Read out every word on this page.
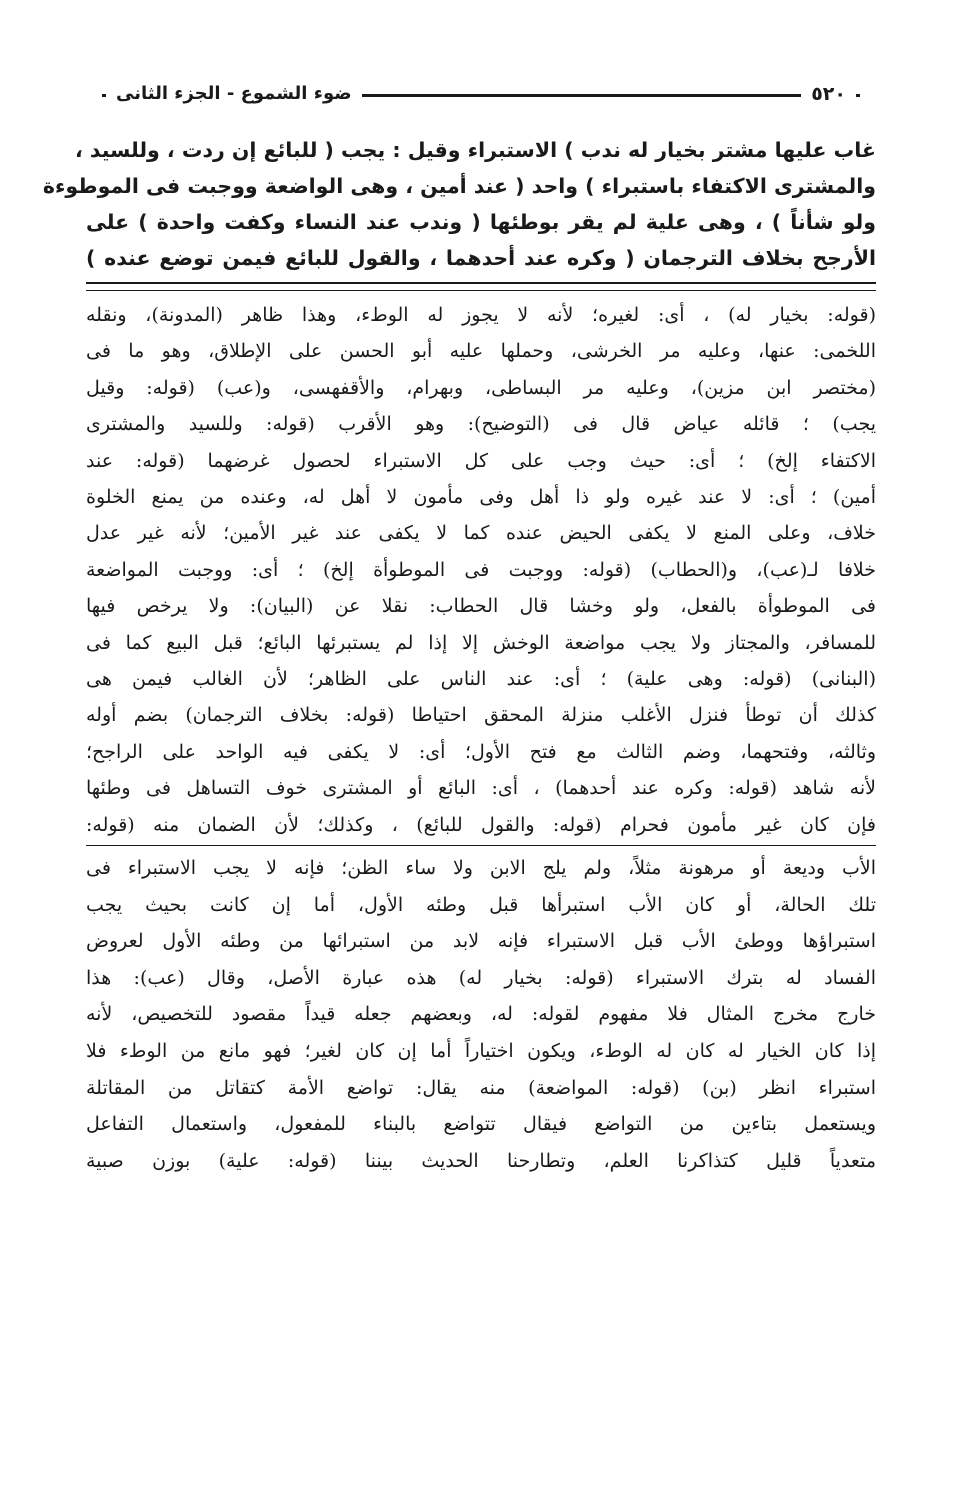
٥٢٠
ضوء الشموع - الجزء الثانى

غاب عليها مشتر بخيار له ندب ) الاستبراء وقيل : يجب ( للبائع إن ردت ، وللسيد ،

والمشترى الاكتفاء باستبراء ) واحد ( عند أمين ، وهى الواضعة ووجبت فى الموطوءة

ولو شأناً ) ، وهى علية لم يقر بوطئها ( وندب عند النساء وكفت واحدة ) على

الأرجح بخلاف الترجمان ( وكره عند أحدهما ، والقول للبائع فيمن توضع عنده )

(قوله: بخيار له) ، أى: لغيره؛ لأنه لا يجوز له الوطء، وهذا ظاهر (المدونة)، ونقله

اللخمى: عنها، وعليه مر الخرشى، وحملها عليه أبو الحسن على الإطلاق، وهو ما فى

(مختصر ابن مزين)، وعليه مر البساطى، وبهرام، والأقفهسى، و(عب) (قوله: وقيل

يجب) ؛ قائله عياض قال فى (التوضيح): وهو الأقرب (قوله: وللسيد والمشترى

الاكتفاء إلخ) ؛ أى: حيث وجب على كل الاستبراء لحصول غرضهما (قوله: عند

أمين) ؛ أى: لا عند غيره ولو ذا أهل وفى مأمون لا أهل له، وعنده من يمنع الخلوة

خلاف، وعلى المنع لا يكفى الحيض عنده كما لا يكفى عند غير الأمين؛ لأنه غير عدل

خلافا لـ(عب)، و(الحطاب) (قوله: ووجبت فى الموطوأة إلخ) ؛ أى: ووجبت المواضعة

فى الموطوأة بالفعل، ولو وخشا قال الحطاب: نقلا عن (البيان): ولا يرخص فيها

للمسافر، والمجتاز ولا يجب مواضعة الوخش إلا إذا لم يستبرئها البائع؛ قبل البيع كما فى

(البنانى) (قوله: وهى علية) ؛ أى: عند الناس على الظاهر؛ لأن الغالب فيمن هى

كذلك أن توطأ فنزل الأغلب منزلة المحقق احتياطا (قوله: بخلاف الترجمان) بضم أوله

وثالثه، وفتحهما، وضم الثالث مع فتح الأول؛ أى: لا يكفى فيه الواحد على الراجح؛

لأنه شاهد (قوله: وكره عند أحدهما) ، أى: البائع أو المشترى خوف التساهل فى وطئها

فإن كان غير مأمون فحرام (قوله: والقول للبائع) ، وكذلك؛ لأن الضمان منه (قوله:

الأب وديعة أو مرهونة مثلاً، ولم يلج الابن ولا ساء الظن؛ فإنه لا يجب الاستبراء فى

تلك الحالة، أو كان الأب استبرأها قبل وطئه الأول، أما إن كانت بحيث يجب

استبراؤها ووطئ الأب قبل الاستبراء فإنه لابد من استبرائها من وطئه الأول لعروض

الفساد له بترك الاستبراء (قوله: بخيار له) هذه عبارة الأصل، وقال (عب): هذا

خارج مخرج المثال فلا مفهوم لقوله: له، وبعضهم جعله قيداً مقصود للتخصيص، لأنه

إذا كان الخيار له كان له الوطء، ويكون اختياراً أما إن كان لغير؛ فهو مانع من الوطء فلا

استبراء انظر (بن) (قوله: المواضعة) منه يقال: تواضع الأمة كتقاتل من المقاتلة

ويستعمل بتاءين من التواضع فيقال تتواضع بالبناء للمفعول، واستعمال التفاعل

متعدياً قليل كتذاكرنا العلم، وتطارحنا الحديث بيننا (قوله: علية) بوزن صبية
